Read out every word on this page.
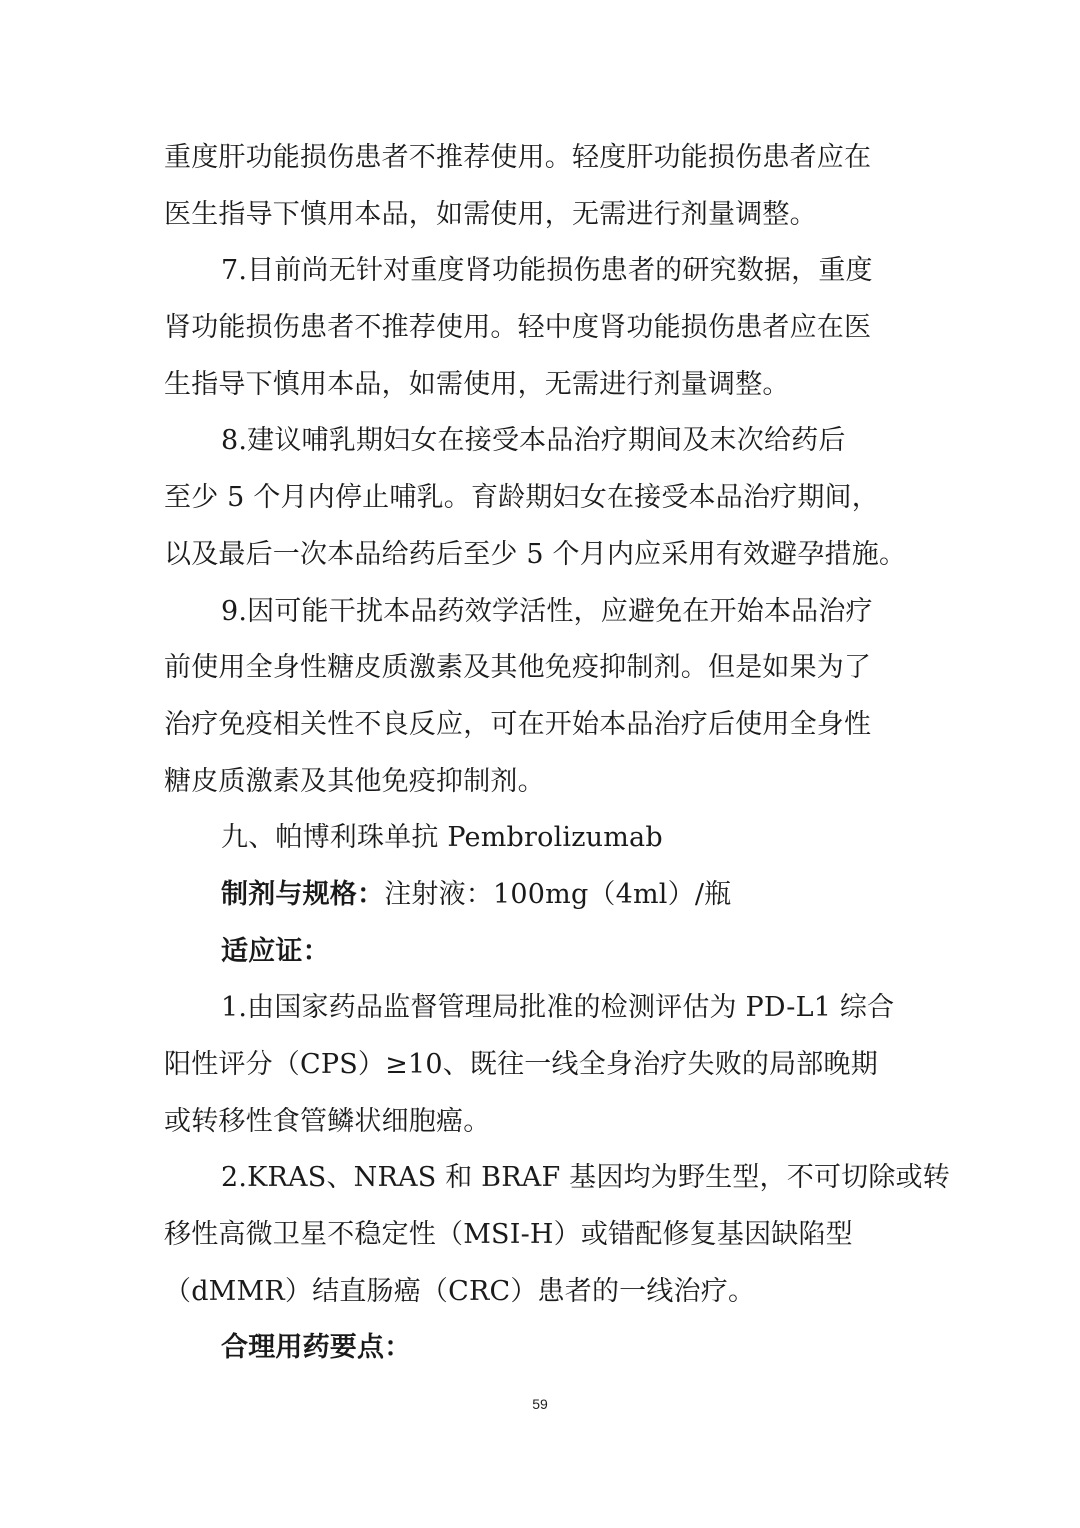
重度肝功能损伤患者不推荐使用。轻度肝功能损伤患者应在
医生指导下慎用本品，如需使用，无需进行剂量调整。
7.目前尚无针对重度肾功能损伤患者的研究数据，重度
肾功能损伤患者不推荐使用。轻中度肾功能损伤患者应在医
生指导下慎用本品，如需使用，无需进行剂量调整。
8.建议哺乳期妇女在接受本品治疗期间及末次给药后
至少 5 个月内停止哺乳。育龄期妇女在接受本品治疗期间，
以及最后一次本品给药后至少 5 个月内应采用有效避孕措施。
9.因可能干扰本品药效学活性，应避免在开始本品治疗
前使用全身性糖皮质激素及其他免疫抑制剂。但是如果为了
治疗免疫相关性不良反应，可在开始本品治疗后使用全身性
糖皮质激素及其他免疫抑制剂。
九、帕博利珠单抗 Pembrolizumab
制剂与规格：注射液：100mg（4ml）/瓶
适应证：
1.由国家药品监督管理局批准的检测评估为 PD-L1 综合
阳性评分（CPS）≥10、既往一线全身治疗失败的局部晚期
或转移性食管鳞状细胞癌。
2.KRAS、NRAS 和 BRAF 基因均为野生型，不可切除或转
移性高微卫星不稳定性（MSI-H）或错配修复基因缺陷型
（dMMR）结直肠癌（CRC）患者的一线治疗。
合理用药要点：
59
